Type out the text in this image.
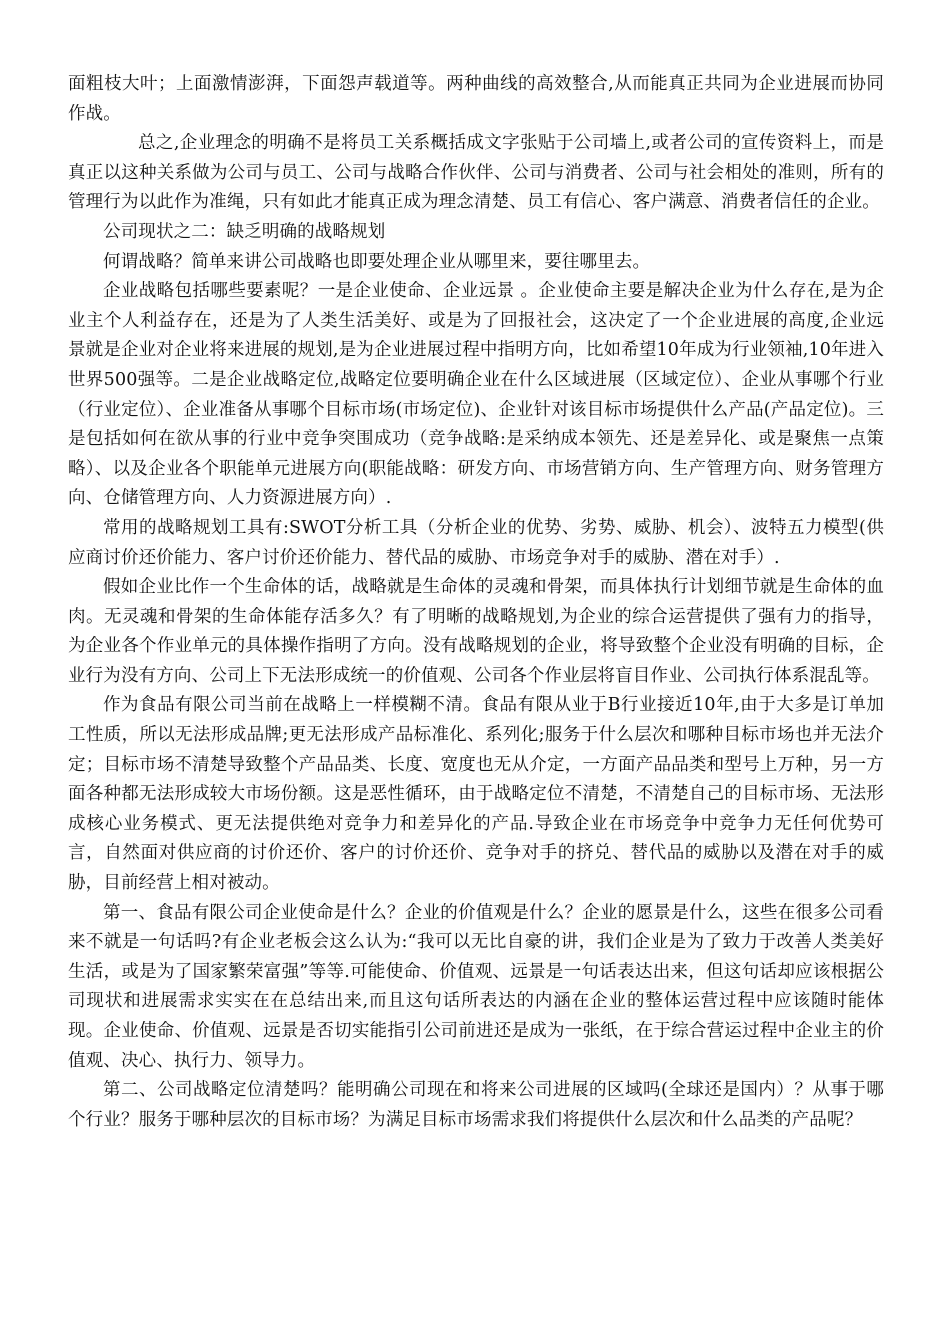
面粗枝大叶；上面激情澎湃，下面怨声载道等。两种曲线的高效整合,从而能真正共同为企业进展而协同作战。

总之,企业理念的明确不是将员工关系概括成文字张贴于公司墙上,或者公司的宣传资料上，而是真正以这种关系做为公司与员工、公司与战略合作伙伴、公司与消费者、公司与社会相处的准则，所有的管理行为以此作为准绳，只有如此才能真正成为理念清楚、员工有信心、客户满意、消费者信任的企业。

公司现状之二：缺乏明确的战略规划

何谓战略？简单来讲公司战略也即要处理企业从哪里来，要往哪里去。

企业战略包括哪些要素呢？一是企业使命、企业远景 。企业使命主要是解决企业为什么存在,是为企业主个人利益存在，还是为了人类生活美好、或是为了回报社会，这决定了一个企业进展的高度,企业远景就是企业对企业将来进展的规划,是为企业进展过程中指明方向，比如希望10年成为行业领袖,10年进入世界500强等。二是企业战略定位,战略定位要明确企业在什么区域进展（区域定位）、企业从事哪个行业（行业定位）、企业准备从事哪个目标市场(市场定位)、企业针对该目标市场提供什么产品(产品定位)。三是包括如何在欲从事的行业中竞争突围成功（竞争战略:是采纳成本领先、还是差异化、或是聚焦一点策略）、以及企业各个职能单元进展方向(职能战略：研发方向、市场营销方向、生产管理方向、财务管理方向、仓储管理方向、人力资源进展方向）.

常用的战略规划工具有:SWOT分析工具（分析企业的优势、劣势、威胁、机会）、波特五力模型(供应商讨价还价能力、客户讨价还价能力、替代品的威胁、市场竞争对手的威胁、潜在对手）.

假如企业比作一个生命体的话，战略就是生命体的灵魂和骨架，而具体执行计划细节就是生命体的血肉。无灵魂和骨架的生命体能存活多久？有了明晰的战略规划,为企业的综合运营提供了强有力的指导，为企业各个作业单元的具体操作指明了方向。没有战略规划的企业，将导致整个企业没有明确的目标，企业行为没有方向、公司上下无法形成统一的价值观、公司各个作业层将盲目作业、公司执行体系混乱等。

作为食品有限公司当前在战略上一样模糊不清。食品有限从业于B行业接近10年,由于大多是订单加工性质，所以无法形成品牌;更无法形成产品标准化、系列化;服务于什么层次和哪种目标市场也并无法介定；目标市场不清楚导致整个产品品类、长度、宽度也无从介定，一方面产品品类和型号上万种，另一方面各种都无法形成较大市场份额。这是恶性循环，由于战略定位不清楚，不清楚自己的目标市场、无法形成核心业务模式、更无法提供绝对竞争力和差异化的产品.导致企业在市场竞争中竞争力无任何优势可言，自然面对供应商的讨价还价、客户的讨价还价、竞争对手的挤兑、替代品的威胁以及潜在对手的威胁，目前经营上相对被动。

第一、食品有限公司企业使命是什么？企业的价值观是什么？企业的愿景是什么，这些在很多公司看来不就是一句话吗?有企业老板会这么认为:“我可以无比自豪的讲，我们企业是为了致力于改善人类美好生活，或是为了国家繁荣富强”等等.可能使命、价值观、远景是一句话表达出来，但这句话却应该根据公司现状和进展需求实实在在总结出来,而且这句话所表达的内涵在企业的整体运营过程中应该随时能体现。企业使命、价值观、远景是否切实能指引公司前进还是成为一张纸，在于综合营运过程中企业主的价值观、决心、执行力、领导力。

第二、公司战略定位清楚吗？能明确公司现在和将来公司进展的区域吗(全球还是国内）？从事于哪个行业？服务于哪种层次的目标市场？为满足目标市场需求我们将提供什么层次和什么品类的产品呢？
